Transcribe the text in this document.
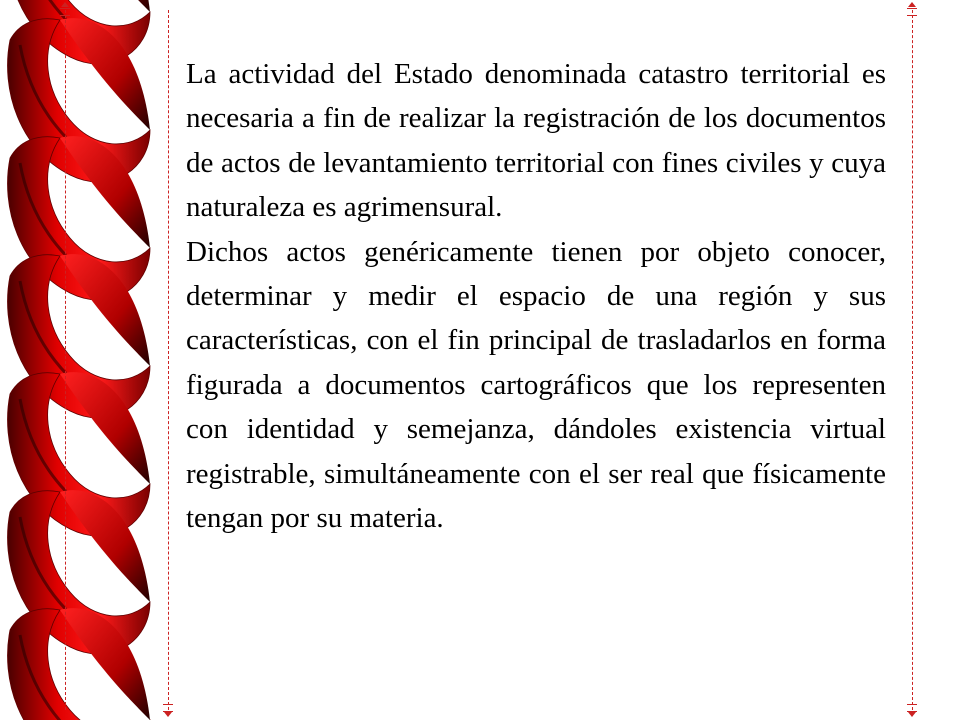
La actividad del Estado denominada catastro territorial es necesaria a fin de realizar la registración de los documentos de actos de levantamiento territorial con fines civiles y cuya naturaleza es agrimensural.

Dichos actos genéricamente tienen por objeto conocer, determinar y medir el espacio de una región y sus características, con el fin principal de trasladarlos en forma figurada a documentos cartográficos que los representen con identidad y semejanza, dándoles existencia virtual registrable, simultáneamente con el ser real que físicamente tengan por su materia.
